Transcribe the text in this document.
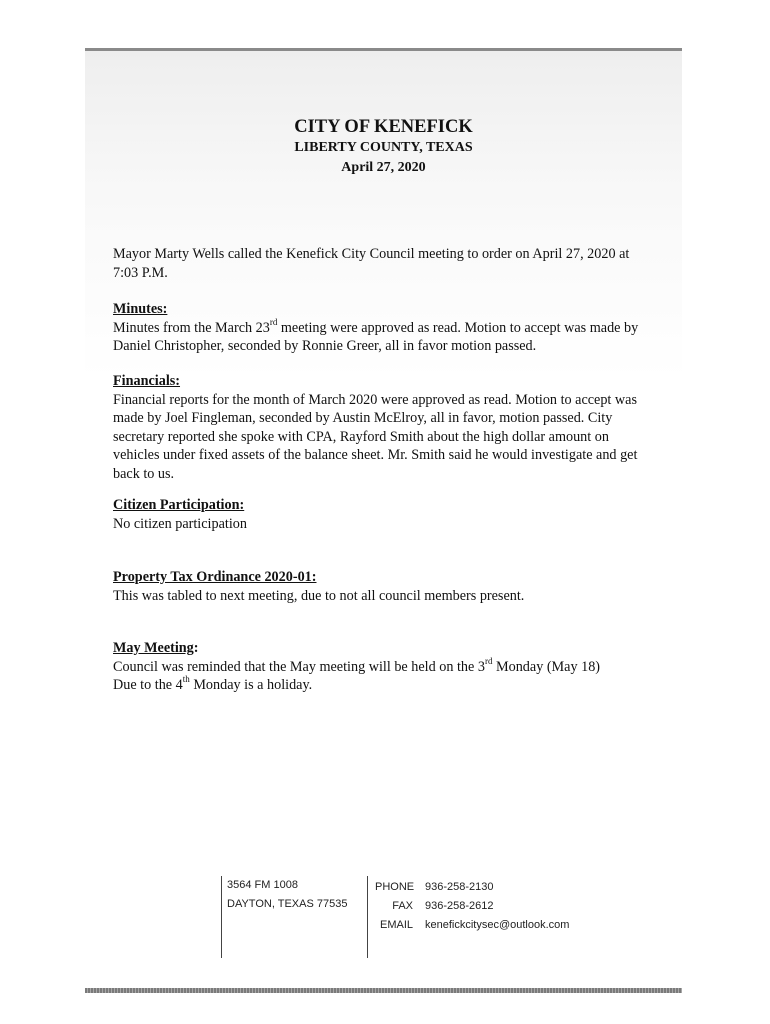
CITY OF KENEFICK
LIBERTY COUNTY, TEXAS
April 27, 2020

Mayor Marty Wells called the Kenefick City Council meeting to order on April 27, 2020 at 7:03 P.M.

Minutes:

Minutes from the March 23rd meeting were approved as read. Motion to accept was made by Daniel Christopher, seconded by Ronnie Greer, all in favor motion passed.

Financials:

Financial reports for the month of March 2020 were approved as read. Motion to accept was made by Joel Fingleman, seconded by Austin McElroy, all in favor, motion passed. City secretary reported she spoke with CPA, Rayford Smith about the high dollar amount on vehicles under fixed assets of the balance sheet. Mr. Smith said he would investigate and get back to us.

Citizen Participation:

No citizen participation

Property Tax Ordinance 2020-01:

This was tabled to next meeting, due to not all council members present.

May Meeting:

Council was reminded that the May meeting will be held on the 3rd Monday (May 18)

Due to the 4th Monday is a holiday.

3564 FM 1008
DAYTON, TEXAS 77535
PHONE 936-258-2130
FAX 936-258-2612
EMAIL kenefickcitysec@outlook.com
